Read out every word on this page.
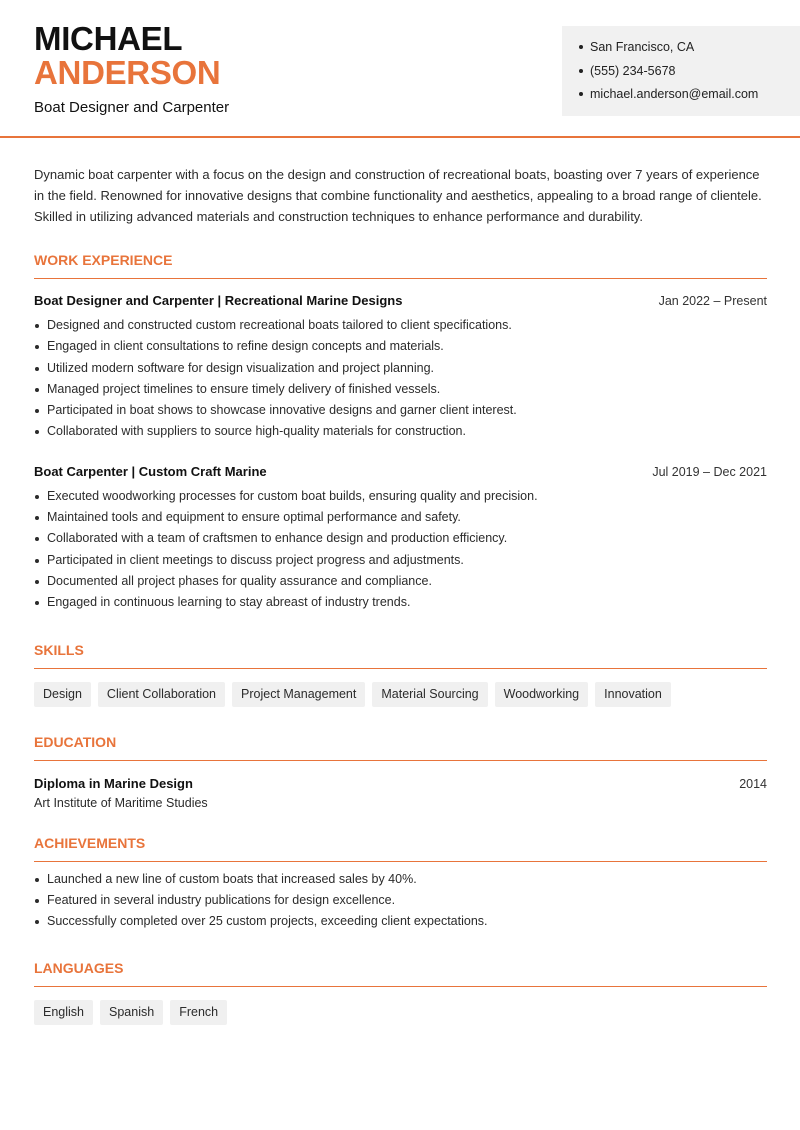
MICHAEL
ANDERSON
Boat Designer and Carpenter
San Francisco, CA
(555) 234-5678
michael.anderson@email.com

Dynamic boat carpenter with a focus on the design and construction of recreational boats, boasting over 7 years of experience in the field. Renowned for innovative designs that combine functionality and aesthetics, appealing to a broad range of clientele. Skilled in utilizing advanced materials and construction techniques to enhance performance and durability.

WORK EXPERIENCE
Boat Designer and Carpenter | Recreational Marine Designs	Jan 2022 – Present
Designed and constructed custom recreational boats tailored to client specifications.
Engaged in client consultations to refine design concepts and materials.
Utilized modern software for design visualization and project planning.
Managed project timelines to ensure timely delivery of finished vessels.
Participated in boat shows to showcase innovative designs and garner client interest.
Collaborated with suppliers to source high-quality materials for construction.
Boat Carpenter | Custom Craft Marine	Jul 2019 – Dec 2021
Executed woodworking processes for custom boat builds, ensuring quality and precision.
Maintained tools and equipment to ensure optimal performance and safety.
Collaborated with a team of craftsmen to enhance design and production efficiency.
Participated in client meetings to discuss project progress and adjustments.
Documented all project phases for quality assurance and compliance.
Engaged in continuous learning to stay abreast of industry trends.
SKILLS
Design	Client Collaboration	Project Management	Material Sourcing	Woodworking	Innovation
EDUCATION
Diploma in Marine Design	2014
Art Institute of Maritime Studies
ACHIEVEMENTS
Launched a new line of custom boats that increased sales by 40%.
Featured in several industry publications for design excellence.
Successfully completed over 25 custom projects, exceeding client expectations.
LANGUAGES
English	Spanish	French
